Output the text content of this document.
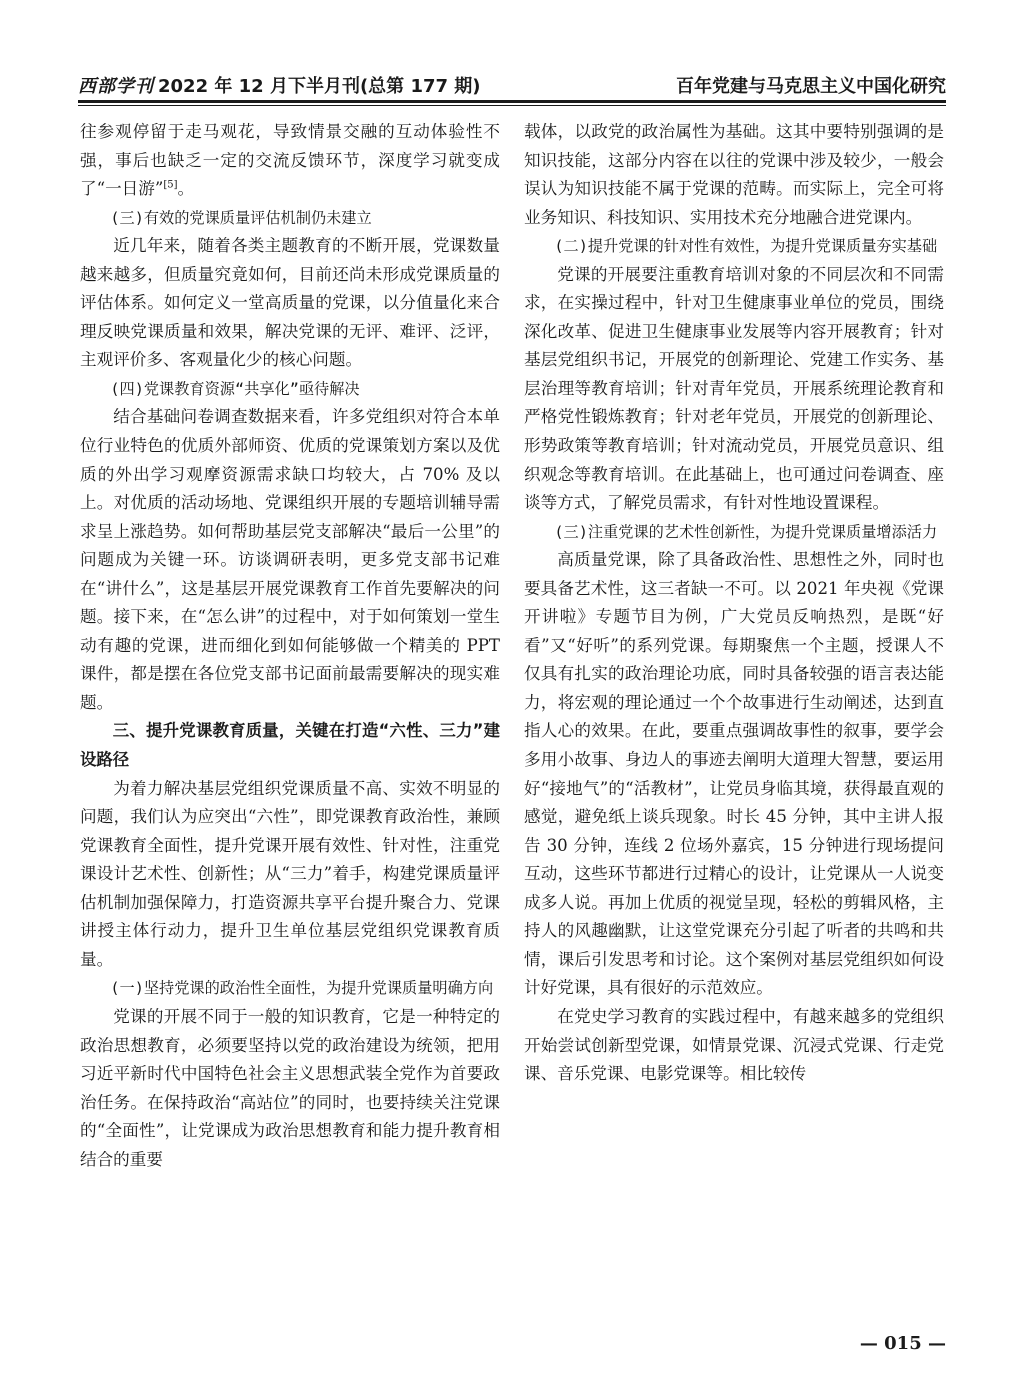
西部学刊 2022 年 12 月下半月刊(总第 177 期)	百年党建与马克思主义中国化研究

往参观停留于走马观花，导致情景交融的互动体验性不强，事后也缺乏一定的交流反馈环节，深度学习就变成了“一日游”[5]。

(三)有效的党课质量评估机制仍未建立

近几年来，随着各类主题教育的不断开展，党课数量越来越多，但质量究竟如何，目前还尚未形成党课质量的评估体系。如何定义一堂高质量的党课，以分值量化来合理反映党课质量和效果，解决党课的无评、难评、泛评，主观评价多、客观量化少的核心问题。

(四)党课教育资源“共享化”亟待解决

结合基础问卷调查数据来看，许多党组织对符合本单位行业特色的优质外部师资、优质的党课策划方案以及优质的外出学习观摩资源需求缺口均较大，占 70% 及以上。对优质的活动场地、党课组织开展的专题培训辅导需求呈上涨趋势。如何帮助基层党支部解决“最后一公里”的问题成为关键一环。访谈调研表明，更多党支部书记难在“讲什么”，这是基层开展党课教育工作首先要解决的问题。接下来，在“怎么讲”的过程中，对于如何策划一堂生动有趣的党课，进而细化到如何能够做一个精美的 PPT 课件，都是摆在各位党支部书记面前最需要解决的现实难题。

三、提升党课教育质量，关键在打造“六性、三力”建设路径

为着力解决基层党组织党课质量不高、实效不明显的问题，我们认为应突出“六性”，即党课教育政治性，兼顾党课教育全面性，提升党课开展有效性、针对性，注重党课设计艺术性、创新性；从“三力”着手，构建党课质量评估机制加强保障力，打造资源共享平台提升聚合力、党课讲授主体行动力，提升卫生单位基层党组织党课教育质量。

(一)坚持党课的政治性全面性，为提升党课质量明确方向

党课的开展不同于一般的知识教育，它是一种特定的政治思想教育，必须要坚持以党的政治建设为统领，把用习近平新时代中国特色社会主义思想武装全党作为首要政治任务。在保持政治“高站位”的同时，也要持续关注党课的“全面性”，让党课成为政治思想教育和能力提升教育相结合的重要

载体，以政党的政治属性为基础。这其中要特别强调的是知识技能，这部分内容在以往的党课中涉及较少，一般会误认为知识技能不属于党课的范畴。而实际上，完全可将业务知识、科技知识、实用技术充分地融合进党课内。

(二)提升党课的针对性有效性，为提升党课质量夯实基础

党课的开展要注重教育培训对象的不同层次和不同需求，在实操过程中，针对卫生健康事业单位的党员，围绕深化改革、促进卫生健康事业发展等内容开展教育；针对基层党组织书记，开展党的创新理论、党建工作实务、基层治理等教育培训；针对青年党员，开展系统理论教育和严格党性锻炼教育；针对老年党员，开展党的创新理论、形势政策等教育培训；针对流动党员，开展党员意识、组织观念等教育培训。在此基础上，也可通过问卷调查、座谈等方式，了解党员需求，有针对性地设置课程。

(三)注重党课的艺术性创新性，为提升党课质量增添活力

高质量党课，除了具备政治性、思想性之外，同时也要具备艺术性，这三者缺一不可。以 2021 年央视《党课开讲啦》专题节目为例，广大党员反响热烈，是既“好看”又“好听”的系列党课。每期聚焦一个主题，授课人不仅具有扎实的政治理论功底，同时具备较强的语言表达能力，将宏观的理论通过一个个故事进行生动阐述，达到直指人心的效果。在此，要重点强调故事性的叙事，要学会多用小故事、身边人的事迹去阐明大道理大智慧，要运用好“接地气”的“活教材”，让党员身临其境，获得最直观的感觉，避免纸上谈兵现象。时长 45 分钟，其中主讲人报告 30 分钟，连线 2 位场外嘉宾，15 分钟进行现场提问互动，这些环节都进行过精心的设计，让党课从一人说变成多人说。再加上优质的视觉呈现，轻松的剪辑风格，主持人的风趣幽默，让这堂党课充分引起了听者的共鸣和共情，课后引发思考和讨论。这个案例对基层党组织如何设计好党课，具有很好的示范效应。

在党史学习教育的实践过程中，有越来越多的党组织开始尝试创新型党课，如情景党课、沉浸式党课、行走党课、音乐党课、电影党课等。相比较传

— 015 —
